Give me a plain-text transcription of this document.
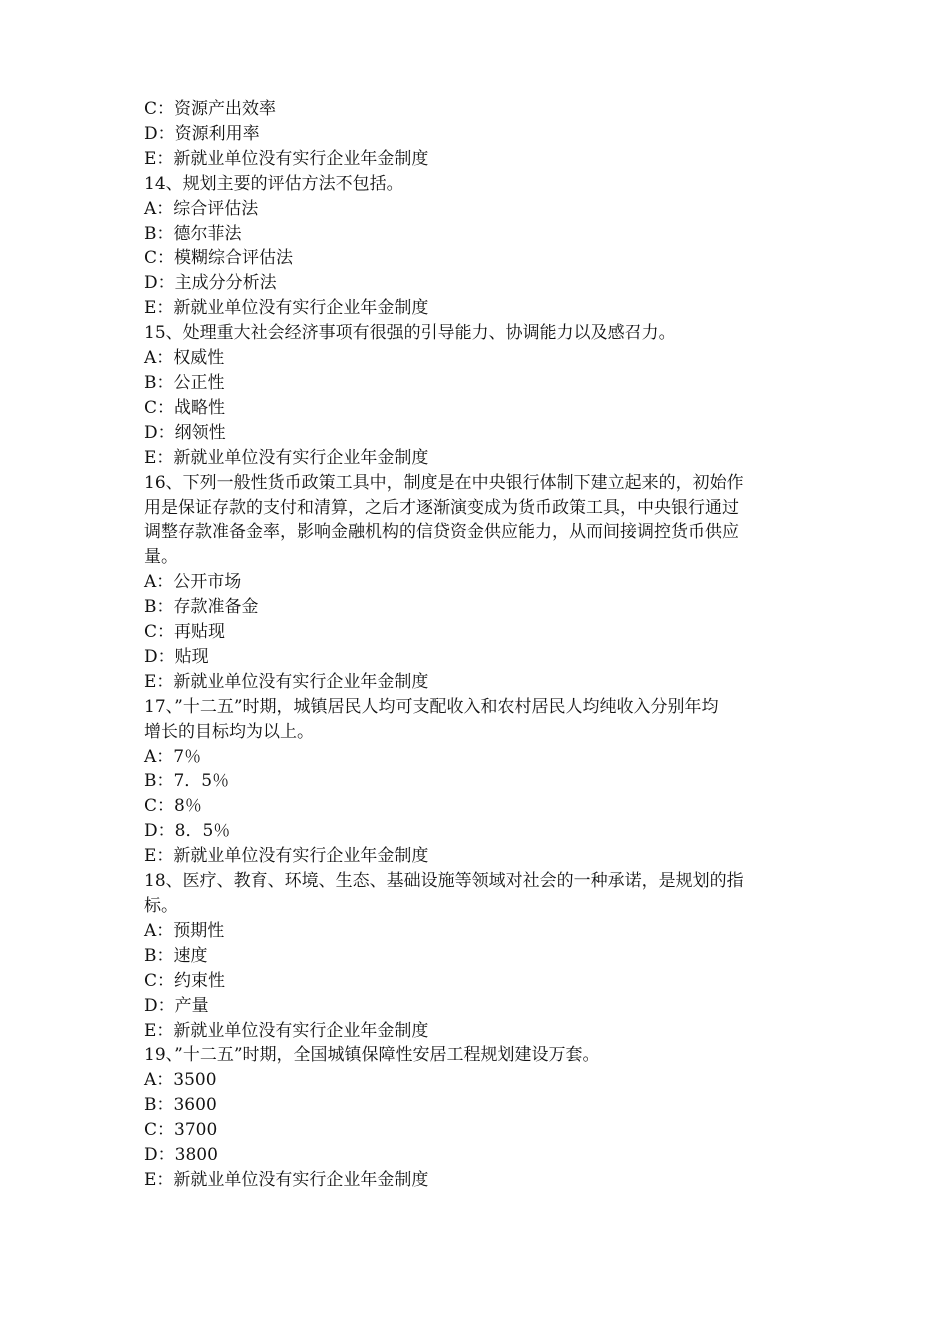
C：资源产出效率
D：资源利用率
E：新就业单位没有实行企业年金制度
14、规划主要的评估方法不包括。
A：综合评估法
B：德尔菲法
C：模糊综合评估法
D：主成分分析法
E：新就业单位没有实行企业年金制度
15、处理重大社会经济事项有很强的引导能力、协调能力以及感召力。
A：权威性
B：公正性
C：战略性
D：纲领性
E：新就业单位没有实行企业年金制度
16、下列一般性货币政策工具中，制度是在中央银行体制下建立起来的，初始作
用是保证存款的支付和清算，之后才逐渐演变成为货币政策工具，中央银行通过
调整存款准备金率，影响金融机构的信贷资金供应能力，从而间接调控货币供应
量。
A：公开市场
B：存款准备金
C：再贴现
D：贴现
E：新就业单位没有实行企业年金制度
17、”十二五”时期，城镇居民人均可支配收入和农村居民人均纯收入分别年均
增长的目标均为以上。
A：7％
B：7．5％
C：8％
D：8．5％
E：新就业单位没有实行企业年金制度
18、医疗、教育、环境、生态、基础设施等领域对社会的一种承诺，是规划的指
标。
A：预期性
B：速度
C：约束性
D：产量
E：新就业单位没有实行企业年金制度
19、”十二五”时期，全国城镇保障性安居工程规划建设万套。
A：3500
B：3600
C：3700
D：3800
E：新就业单位没有实行企业年金制度
